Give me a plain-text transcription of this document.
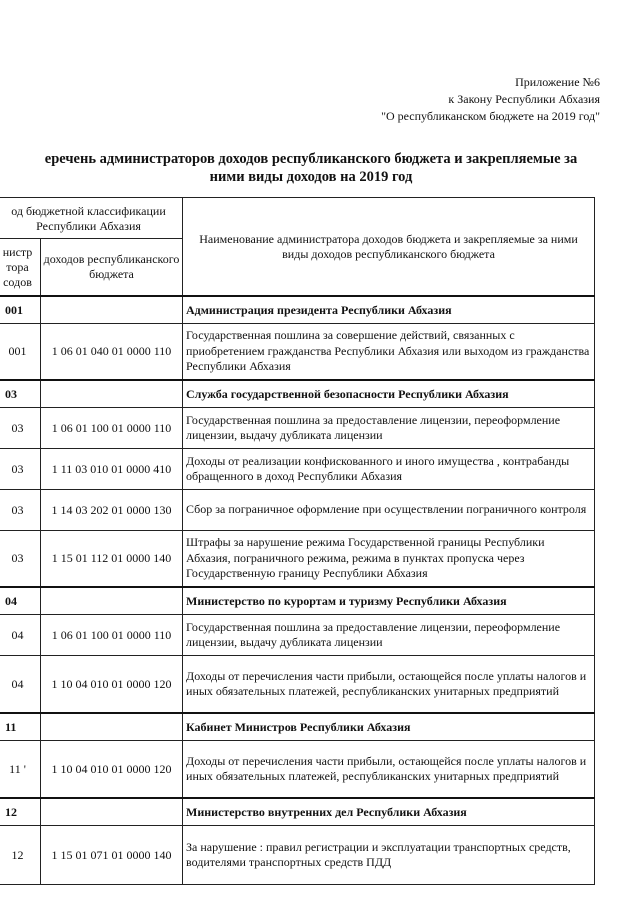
Приложение №6
к Закону Республики Абхазия
"О республиканском бюджете на 2019 год"
еречень администраторов доходов республиканского бюджета и закрепляемые за
ними виды доходов на 2019 год
од бюджетной классификации Республики Абхазия		Наименование администратора доходов бюджета и закрепляемые за ними виды доходов республиканского бюджета
нистр тора содов	доходов республиканского бюджета	
001		Администрация президента Республики Абхазия
001	1 06 01 040 01 0000 110	Государственная пошлина за совершение действий, связанных с приобретением гражданства Республики Абхазия или выходом из гражданства Республики Абхазия
03		Служба государственной безопасности Республики Абхазия
03	1 06 01 100 01 0000 110	Государственная пошлина за предоставление лицензии, переоформление лицензии, выдачу дубликата лицензии
03	1 11 03 010 01 0000 410	Доходы от реализации конфискованного и иного имущества , контрабанды обращенного в доход Республики Абхазия
03	1 14 03 202 01 0000 130	Сбор за пограничное оформление при осуществлении пограничного контроля
03	1 15 01 112 01 0000 140	Штрафы за нарушение режима Государственной границы Республики Абхазия, пограничного режима, режима в пунктах пропуска через Государственную границу Республики Абхазия
04		Министерство по курортам и туризму Республики Абхазия
04	1 06 01 100 01 0000 110	Государственная пошлина за предоставление лицензии, переоформление лицензии, выдачу дубликата лицензии
04	1 10 04 010 01 0000 120	Доходы от перечисления части прибыли, остающейся после уплаты налогов и иных обязательных платежей, республиканских унитарных предприятий
11		Кабинет Министров Республики Абхазия
11 '	1 10 04 010 01 0000 120	Доходы от перечисления части прибыли, остающейся после уплаты налогов и иных обязательных платежей, республиканских унитарных предприятий
12		Министерство внутренних дел Республики Абхазия
12	1 15 01 071 01 0000 140	За нарушение : правил регистрации и эксплуатации транспортных средств, водителями транспортных средств ПДД
